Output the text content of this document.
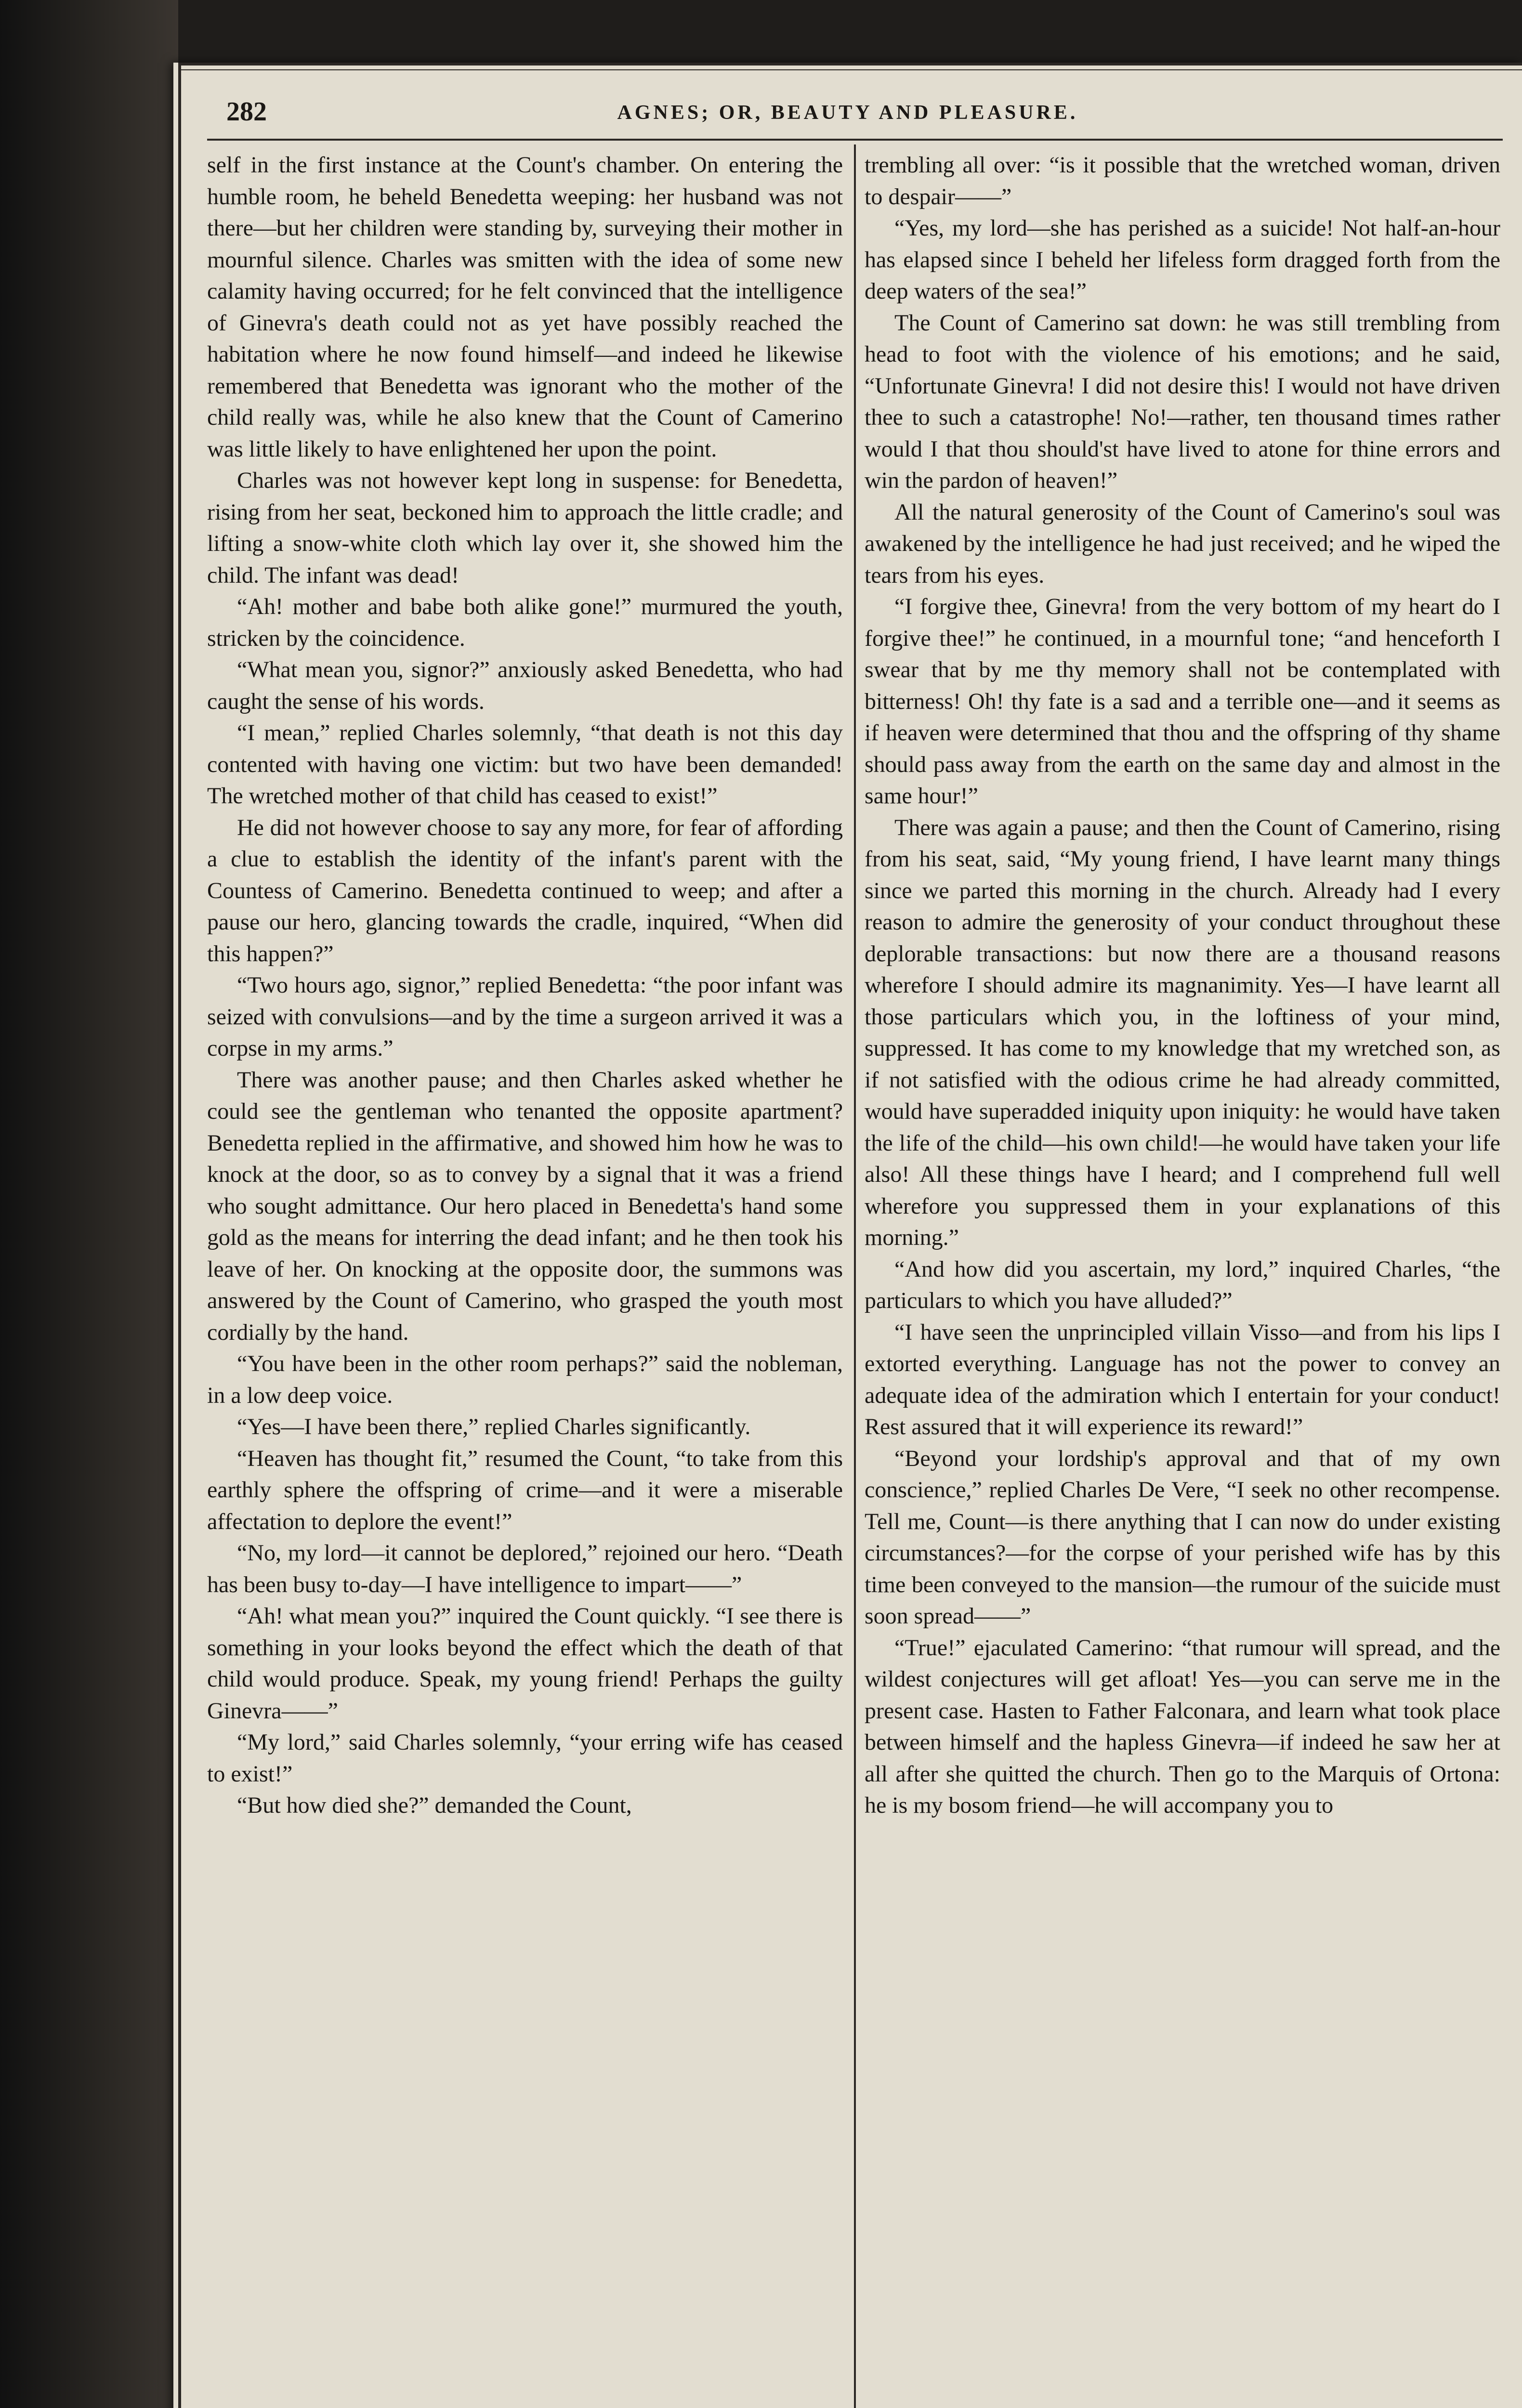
282	AGNES; OR, BEAUTY AND PLEASURE.

self in the first instance at the Count's chamber. On entering the humble room, he beheld Benedetta weeping: her husband was not there—but her children were standing by, surveying their mother in mournful silence. Charles was smitten with the idea of some new calamity having occurred; for he felt convinced that the intelligence of Ginevra's death could not as yet have possibly reached the habitation where he now found himself—and indeed he likewise remembered that Benedetta was ignorant who the mother of the child really was, while he also knew that the Count of Camerino was little likely to have enlightened her upon the point.

Charles was not however kept long in suspense: for Benedetta, rising from her seat, beckoned him to approach the little cradle; and lifting a snow-white cloth which lay over it, she showed him the child. The infant was dead!

“Ah! mother and babe both alike gone!” murmured the youth, stricken by the coincidence.

“What mean you, signor?” anxiously asked Benedetta, who had caught the sense of his words.

“I mean,” replied Charles solemnly, “that death is not this day contented with having one victim: but two have been demanded! The wretched mother of that child has ceased to exist!”

He did not however choose to say any more, for fear of affording a clue to establish the identity of the infant's parent with the Countess of Camerino. Benedetta continued to weep; and after a pause our hero, glancing towards the cradle, inquired, “When did this happen?”

“Two hours ago, signor,” replied Benedetta: “the poor infant was seized with convulsions—and by the time a surgeon arrived it was a corpse in my arms.”

There was another pause; and then Charles asked whether he could see the gentleman who tenanted the opposite apartment? Benedetta replied in the affirmative, and showed him how he was to knock at the door, so as to convey by a signal that it was a friend who sought admittance. Our hero placed in Benedetta's hand some gold as the means for interring the dead infant; and he then took his leave of her. On knocking at the opposite door, the summons was answered by the Count of Camerino, who grasped the youth most cordially by the hand.

“You have been in the other room perhaps?” said the nobleman, in a low deep voice.

“Yes—I have been there,” replied Charles significantly.

“Heaven has thought fit,” resumed the Count, “to take from this earthly sphere the offspring of crime—and it were a miserable affectation to deplore the event!”

“No, my lord—it cannot be deplored,” rejoined our hero. “Death has been busy to-day—I have intelligence to impart——”

“Ah! what mean you?” inquired the Count quickly. “I see there is something in your looks beyond the effect which the death of that child would produce. Speak, my young friend! Perhaps the guilty Ginevra——”

“My lord,” said Charles solemnly, “your erring wife has ceased to exist!”

“But how died she?” demanded the Count,

trembling all over: “is it possible that the wretched woman, driven to despair——”

“Yes, my lord—she has perished as a suicide! Not half-an-hour has elapsed since I beheld her lifeless form dragged forth from the deep waters of the sea!”

The Count of Camerino sat down: he was still trembling from head to foot with the violence of his emotions; and he said, “Unfortunate Ginevra! I did not desire this! I would not have driven thee to such a catastrophe! No!—rather, ten thousand times rather would I that thou should'st have lived to atone for thine errors and win the pardon of heaven!”

All the natural generosity of the Count of Camerino's soul was awakened by the intelligence he had just received; and he wiped the tears from his eyes.

“I forgive thee, Ginevra! from the very bottom of my heart do I forgive thee!” he continued, in a mournful tone; “and henceforth I swear that by me thy memory shall not be contemplated with bitterness! Oh! thy fate is a sad and a terrible one—and it seems as if heaven were determined that thou and the offspring of thy shame should pass away from the earth on the same day and almost in the same hour!”

There was again a pause; and then the Count of Camerino, rising from his seat, said, “My young friend, I have learnt many things since we parted this morning in the church. Already had I every reason to admire the generosity of your conduct throughout these deplorable transactions: but now there are a thousand reasons wherefore I should admire its magnanimity. Yes—I have learnt all those particulars which you, in the loftiness of your mind, suppressed. It has come to my knowledge that my wretched son, as if not satisfied with the odious crime he had already committed, would have superadded iniquity upon iniquity: he would have taken the life of the child—his own child!—he would have taken your life also! All these things have I heard; and I comprehend full well wherefore you suppressed them in your explanations of this morning.”

“And how did you ascertain, my lord,” inquired Charles, “the particulars to which you have alluded?”

“I have seen the unprincipled villain Visso—and from his lips I extorted everything. Language has not the power to convey an adequate idea of the admiration which I entertain for your conduct! Rest assured that it will experience its reward!”

“Beyond your lordship's approval and that of my own conscience,” replied Charles De Vere, “I seek no other recompense. Tell me, Count—is there anything that I can now do under existing circumstances?—for the corpse of your perished wife has by this time been conveyed to the mansion—the rumour of the suicide must soon spread——”

“True!” ejaculated Camerino: “that rumour will spread, and the wildest conjectures will get afloat! Yes—you can serve me in the present case. Hasten to Father Falconara, and learn what took place between himself and the hapless Ginevra—if indeed he saw her at all after she quitted the church. Then go to the Marquis of Ortona: he is my bosom friend—he will accompany you to
